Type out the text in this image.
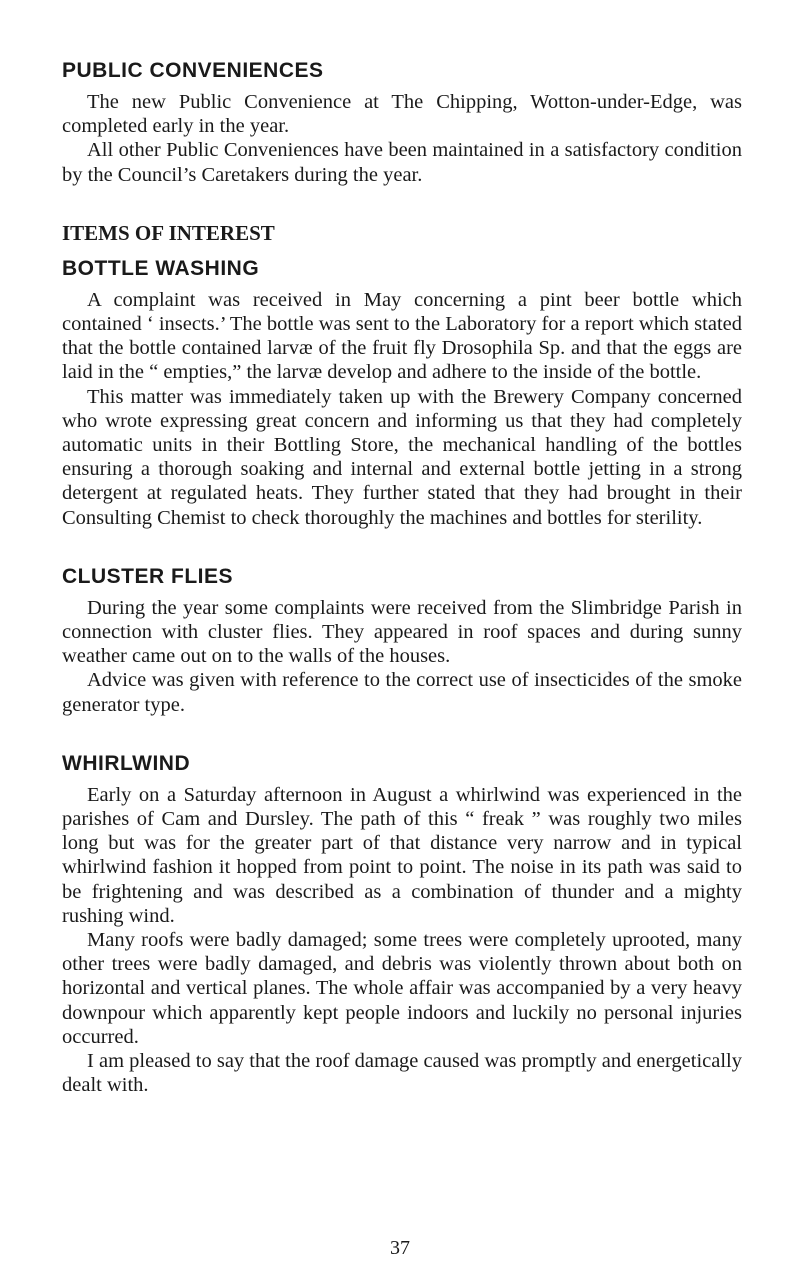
PUBLIC CONVENIENCES

The new Public Convenience at The Chipping, Wotton-under-Edge, was completed early in the year.

All other Public Conveniences have been maintained in a satisfactory condition by the Council’s Caretakers during the year.

ITEMS OF INTEREST
BOTTLE WASHING

A complaint was received in May concerning a pint beer bottle which contained ‘ insects.’ The bottle was sent to the Laboratory for a report which stated that the bottle contained larvæ of the fruit fly Drosophila Sp. and that the eggs are laid in the “ empties,” the larvæ develop and adhere to the inside of the bottle.

This matter was immediately taken up with the Brewery Company concerned who wrote expressing great concern and informing us that they had completely automatic units in their Bottling Store, the mechanical handling of the bottles ensuring a thorough soaking and internal and external bottle jetting in a strong detergent at regulated heats. They further stated that they had brought in their Consulting Chemist to check thoroughly the machines and bottles for sterility.

CLUSTER FLIES

During the year some complaints were received from the Slimbridge Parish in connection with cluster flies. They appeared in roof spaces and during sunny weather came out on to the walls of the houses.

Advice was given with reference to the correct use of insecticides of the smoke generator type.

WHIRLWIND

Early on a Saturday afternoon in August a whirlwind was experienced in the parishes of Cam and Dursley. The path of this “ freak ” was roughly two miles long but was for the greater part of that distance very narrow and in typical whirlwind fashion it hopped from point to point. The noise in its path was said to be frightening and was described as a combination of thunder and a mighty rushing wind.

Many roofs were badly damaged; some trees were completely uprooted, many other trees were badly damaged, and debris was violently thrown about both on horizontal and vertical planes. The whole affair was accompanied by a very heavy downpour which apparently kept people indoors and luckily no personal injuries occurred.

I am pleased to say that the roof damage caused was promptly and energetically dealt with.

37
